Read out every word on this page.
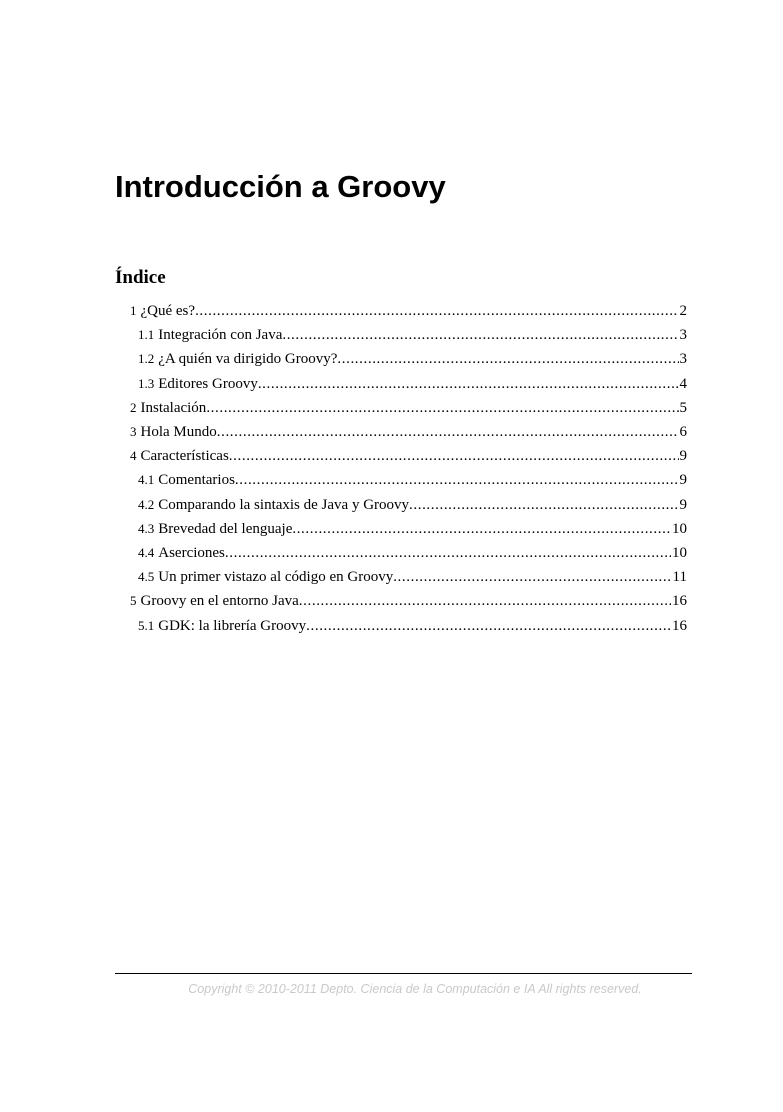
Introducción a Groovy
Índice
1 ¿Qué es? .....	2
1.1 Integración con Java .....	3
1.2 ¿A quién va dirigido Groovy? .....	3
1.3 Editores Groovy .....	4
2 Instalación .....	5
3 Hola Mundo .....	6
4 Características .....	9
4.1 Comentarios .....	9
4.2 Comparando la sintaxis de Java y Groovy .....	9
4.3 Brevedad del lenguaje .....	10
4.4 Aserciones .....	10
4.5 Un primer vistazo al código en Groovy .....	11
5 Groovy en el entorno Java .....	16
5.1 GDK: la librería Groovy .....	16
Copyright © 2010-2011 Depto. Ciencia de la Computación e IA All rights reserved.
